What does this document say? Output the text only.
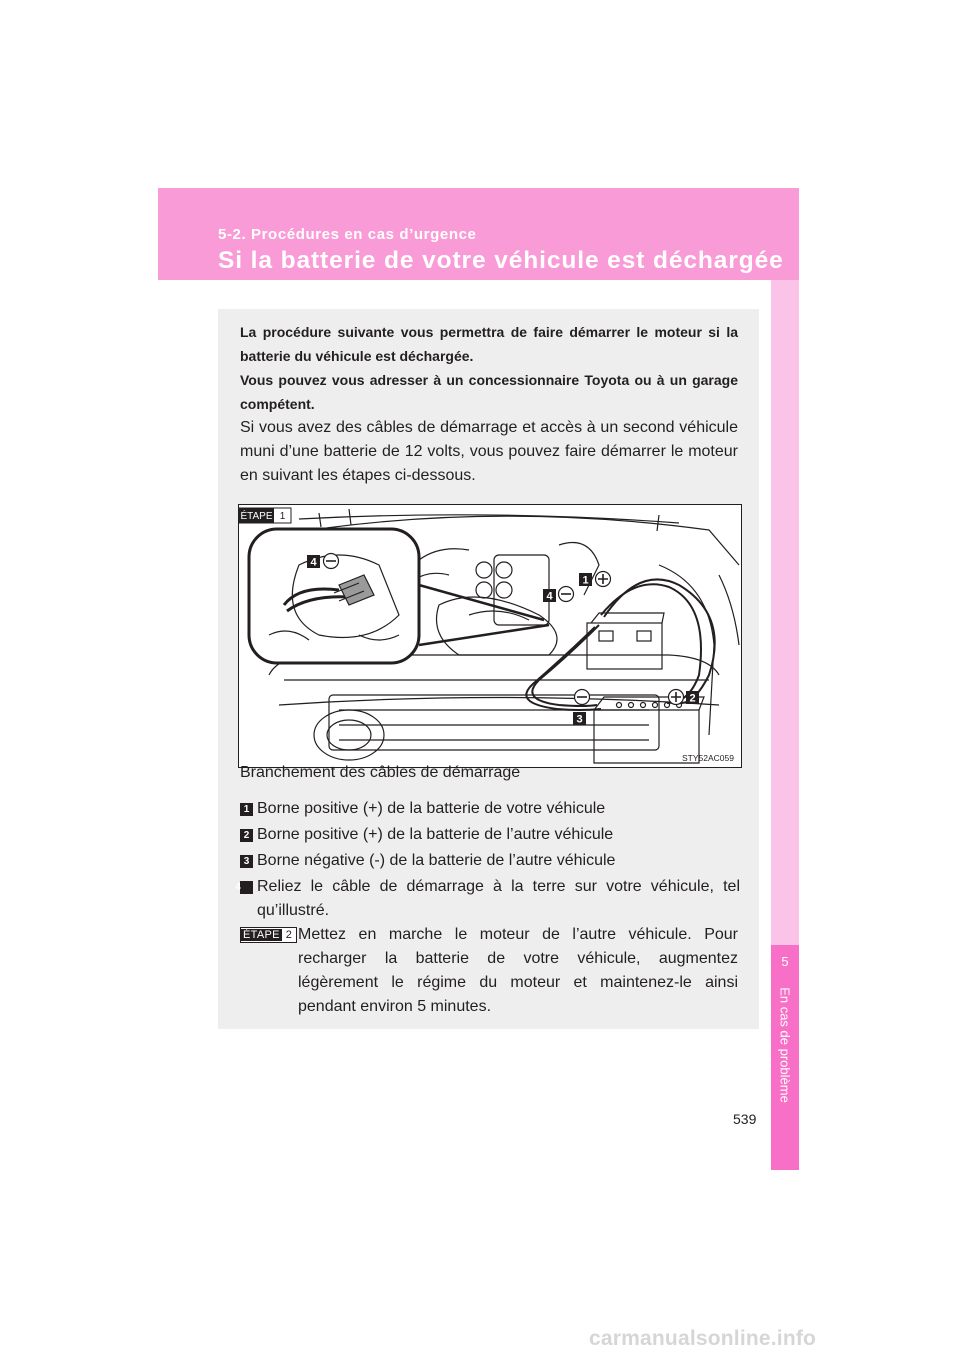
5-2. Procédures en cas d’urgence
Si la batterie de votre véhicule est déchargée
5
En cas de problème

La procédure suivante vous permettra de faire démarrer le moteur si la batterie du véhicule est déchargée.
Vous pouvez vous adresser à un concessionnaire Toyota ou à un garage compétent.

Si vous avez des câbles de démarrage et accès à un second véhicule muni d’une batterie de 12 volts, vous pouvez faire démarrer le moteur en suivant les étapes ci-dessous.

4
1
4
3
2
ÉTAPE 1
STY52AC059
Branchement des câbles de démarrage
1 Borne positive (+) de la batterie de votre véhicule
2 Borne positive (+) de la batterie de l’autre véhicule
3 Borne négative (-) de la batterie de l’autre véhicule
4 Reliez le câble de démarrage à la terre sur votre véhicule, tel qu’illustré.
ÉTAPE 2 Mettez en marche le moteur de l’autre véhicule. Pour recharger la batterie de votre véhicule, augmentez légèrement le régime du moteur et maintenez-le ainsi pendant environ 5 minutes.
539
carmanualsonline.info
